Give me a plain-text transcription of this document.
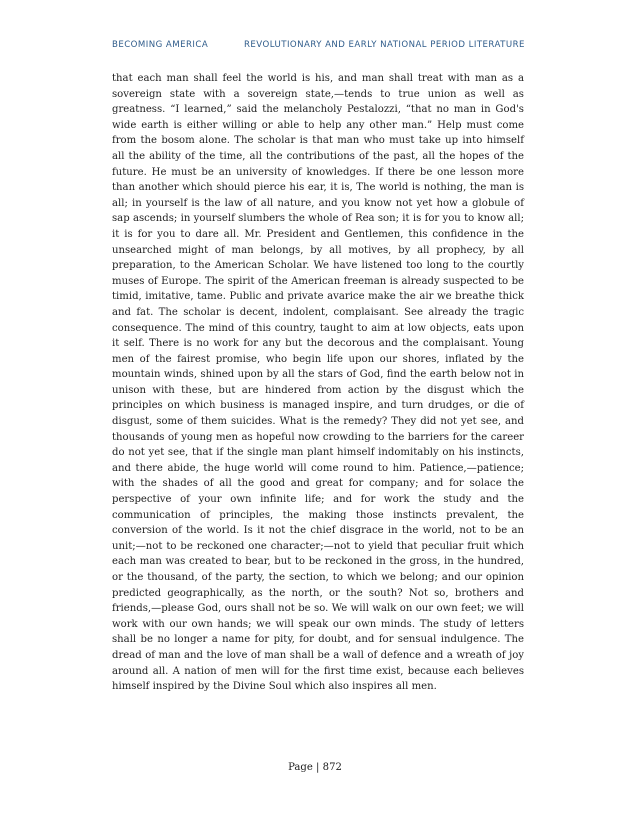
BECOMING AMERICA	REVOLUTIONARY AND EARLY NATIONAL PERIOD LITERATURE

that each man shall feel the world is his, and man shall treat with man as a sovereign state with a sovereign state,—tends to true union as well as greatness. “I learned,” said the melancholy Pestalozzi, “that no man in God's wide earth is either willing or able to help any other man.” Help must come from the bosom alone. The scholar is that man who must take up into himself all the ability of the time, all the contributions of the past, all the hopes of the future. He must be an university of knowledges. If there be one lesson more than another which should pierce his ear, it is, The world is nothing, the man is all; in yourself is the law of all nature, and you know not yet how a globule of sap ascends; in yourself slumbers the whole of Rea son; it is for you to know all; it is for you to dare all. Mr. President and Gentlemen, this confidence in the unsearched might of man belongs, by all motives, by all prophecy, by all preparation, to the American Scholar. We have listened too long to the courtly muses of Europe. The spirit of the American freeman is already suspected to be timid, imitative, tame. Public and private avarice make the air we breathe thick and fat. The scholar is decent, indolent, complaisant. See already the tragic consequence. The mind of this country, taught to aim at low objects, eats upon it self. There is no work for any but the decorous and the complaisant. Young men of the fairest promise, who begin life upon our shores, inflated by the mountain winds, shined upon by all the stars of God, find the earth below not in unison with these, but are hindered from action by the disgust which the principles on which business is managed inspire, and turn drudges, or die of disgust, some of them suicides. What is the remedy? They did not yet see, and thousands of young men as hopeful now crowding to the barriers for the career do not yet see, that if the single man plant himself indomitably on his instincts, and there abide, the huge world will come round to him. Patience,—patience; with the shades of all the good and great for company; and for solace the perspective of your own infinite life; and for work the study and the communication of principles, the making those instincts prevalent, the conversion of the world. Is it not the chief disgrace in the world, not to be an unit;—not to be reckoned one character;—not to yield that peculiar fruit which each man was created to bear, but to be reckoned in the gross, in the hundred, or the thousand, of the party, the section, to which we belong; and our opinion predicted geographically, as the north, or the south? Not so, brothers and friends,—please God, ours shall not be so. We will walk on our own feet; we will work with our own hands; we will speak our own minds. The study of letters shall be no longer a name for pity, for doubt, and for sensual indulgence. The dread of man and the love of man shall be a wall of defence and a wreath of joy around all. A nation of men will for the first time exist, because each believes himself inspired by the Divine Soul which also inspires all men.

Page | 872
